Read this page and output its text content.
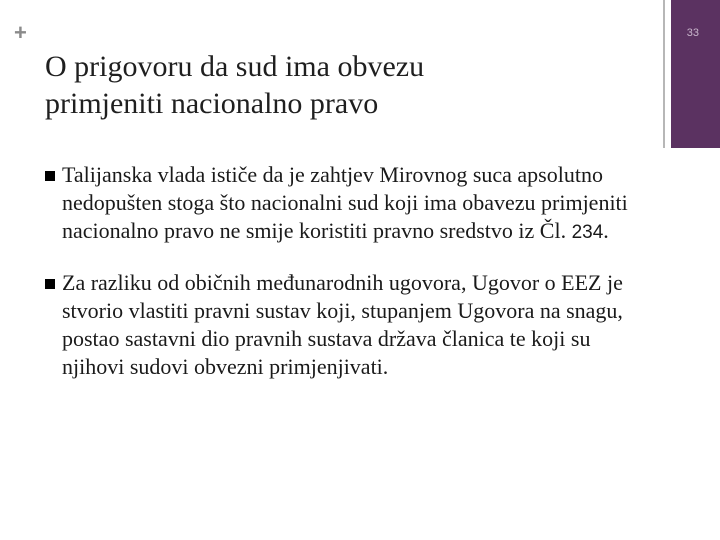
+	33
O prigovoru da sud ima obvezu
primjeniti nacionalno pravo
Talijanska vlada ističe da je zahtjev Mirovnog suca apsolutno nedopušten stoga što nacionalni sud koji ima obavezu primjeniti nacionalno pravo ne smije koristiti pravno sredstvo iz Čl. 234.
Za razliku od običnih međunarodnih ugovora, Ugovor o EEZ je stvorio vlastiti pravni sustav koji, stupanjem Ugovora na snagu, postao sastavni dio pravnih sustava država članica te koji su njihovi sudovi obvezni primjenjivati.
